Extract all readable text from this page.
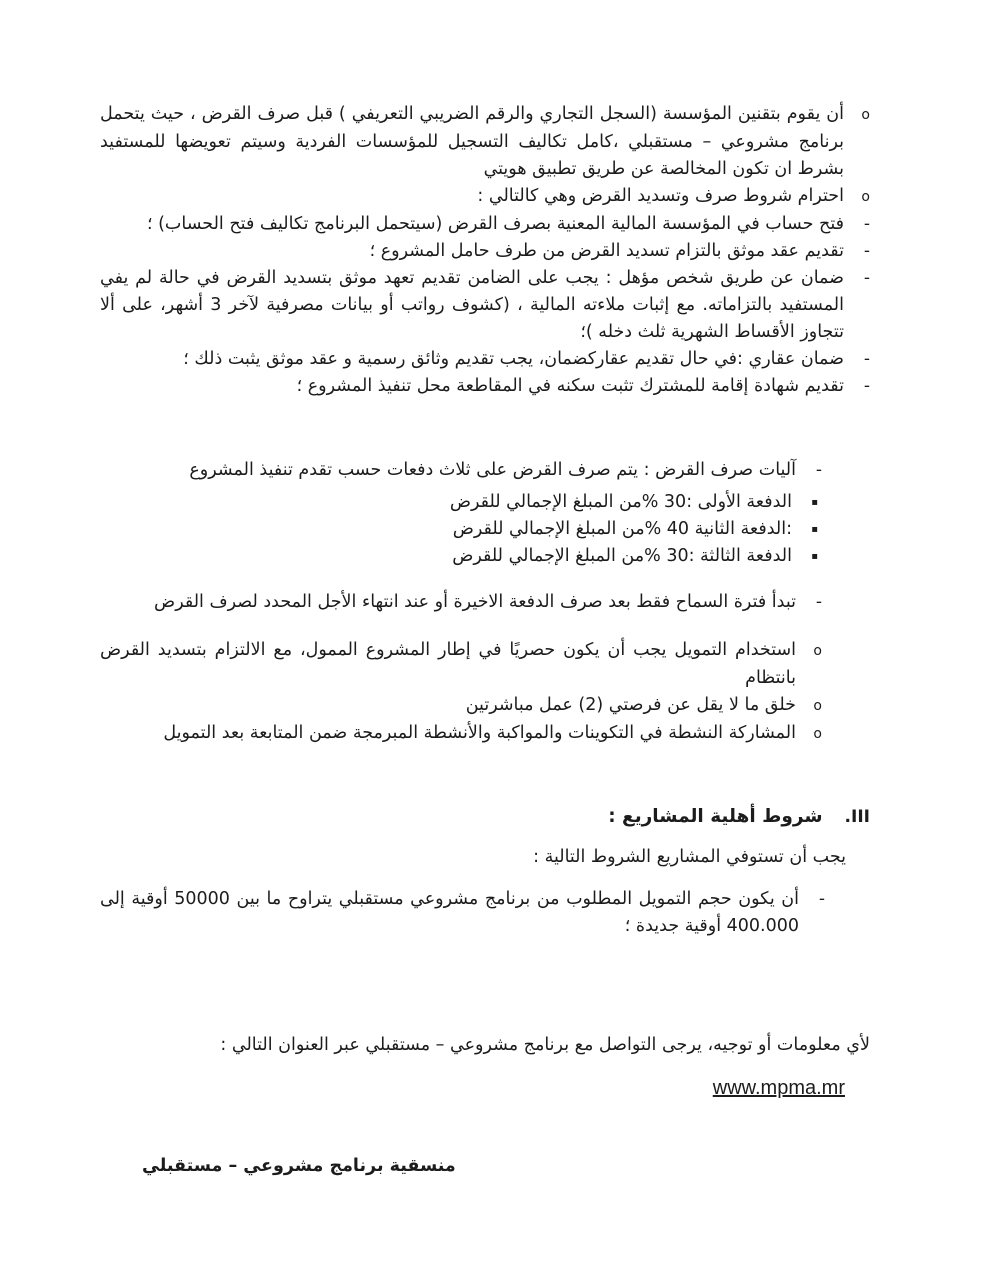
oأن يقوم بتقنين المؤسسة (السجل التجاري والرقم الضريبي التعريفي ) قبل صرف القرض ، حيث يتحمل برنامج مشروعي – مستقبلي ،كامل تكاليف التسجيل للمؤسسات الفردية وسيتم تعويضها للمستفيد بشرط ان تكون المخالصة عن طريق تطبيق هويتي
oاحترام شروط صرف وتسديد القرض وهي كالتالي :
-فتح حساب في المؤسسة المالية المعنية بصرف القرض (سيتحمل البرنامج تكاليف فتح الحساب) ؛
-تقديم عقد موثق بالتزام تسديد القرض من طرف حامل المشروع ؛
-ضمان عن طريق شخص مؤهل : يجب على الضامن تقديم تعهد موثق بتسديد القرض في حالة لم يفي المستفيد بالتزاماته. مع إثبات ملاءته المالية ، (كشوف رواتب أو بيانات مصرفية لآخر 3 أشهر، على ألا تتجاوز الأقساط الشهرية ثلث دخله )؛
-ضمان عقاري :في حال تقديم عقاركضمان، يجب تقديم وثائق رسمية و عقد موثق يثبت ذلك ؛
-تقديم شهادة إقامة للمشترك تثبت سكنه في المقاطعة محل تنفيذ المشروع ؛
-آليات صرف القرض : يتم صرف القرض على ثلاث دفعات حسب تقدم تنفيذ المشروع
▪الدفعة الأولى :30 %من المبلغ الإجمالي للقرض
▪:الدفعة الثانية 40 %من المبلغ الإجمالي للقرض
▪الدفعة الثالثة :30 %من المبلغ الإجمالي للقرض
-تبدأ فترة السماح فقط بعد صرف الدفعة الاخيرة أو عند انتهاء الأجل المحدد لصرف القرض
oاستخدام التمويل يجب أن يكون حصريًا في إطار المشروع الممول، مع الالتزام بتسديد القرض بانتظام
oخلق ما لا يقل عن فرصتي (2) عمل مباشرتين
oالمشاركة النشطة في التكوينات والمواكبة والأنشطة المبرمجة ضمن المتابعة بعد التمويل
III.
شروط أهلية المشاريع :
يجب أن تستوفي المشاريع الشروط التالية :
-أن يكون حجم التمويل المطلوب من برنامج مشروعي مستقبلي يتراوح ما بين 50000 أوقية إلى 400.000 أوقية جديدة ؛
لأي معلومات أو توجيه، يرجى التواصل مع برنامج مشروعي – مستقبلي عبر العنوان التالي :
www.mpma.mr
منسقية برنامج مشروعي – مستقبلي
